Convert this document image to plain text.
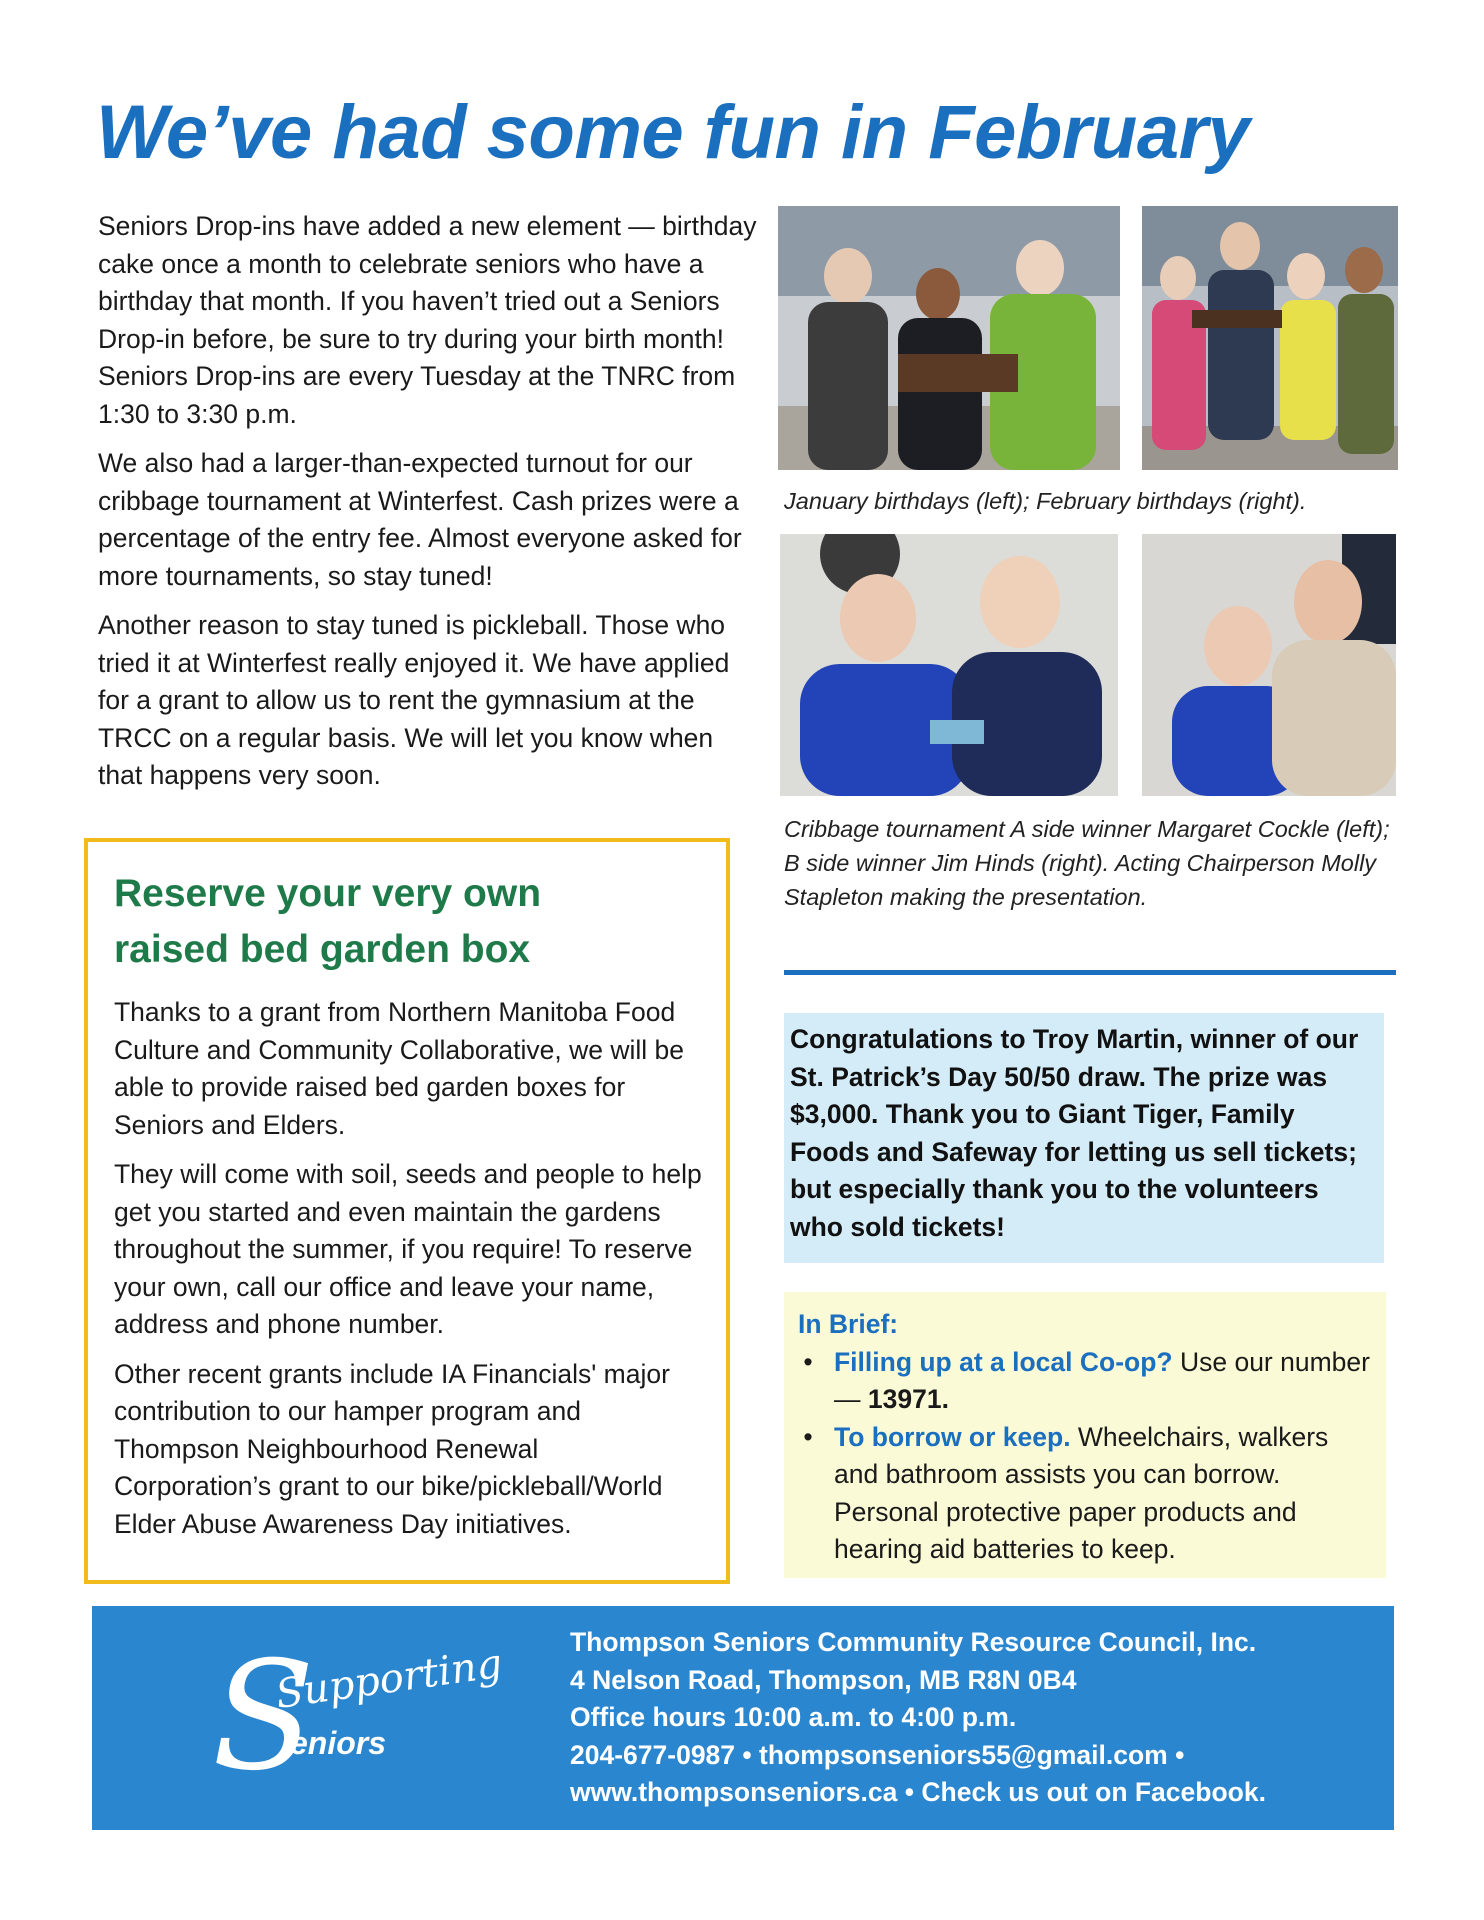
We’ve had some fun in February

Seniors Drop-ins have added a new element — birthday cake once a month to celebrate seniors who have a birthday that month. If you haven’t tried out a Seniors Drop-in before, be sure to try during your birth month! Seniors Drop-ins are every Tuesday at the TNRC from 1:30 to 3:30 p.m.

We also had a larger-than-expected turnout for our cribbage tournament at Winterfest. Cash prizes were a percentage of the entry fee. Almost everyone asked for more tournaments, so stay tuned!

Another reason to stay tuned is pickleball. Those who tried it at Winterfest really enjoyed it. We have applied for a grant to allow us to rent the gymnasium at the TRCC on a regular basis. We will let you know when that happens very soon.

January birthdays (left); February birthdays (right).

Cribbage tournament A side winner Margaret Cockle (left); B side winner Jim Hinds (right). Acting Chairperson Molly Stapleton making the presentation.

Reserve your very own
raised bed garden box

Thanks to a grant from Northern Manitoba Food Culture and Community Collaborative, we will be able to provide raised bed garden boxes for Seniors and Elders.

They will come with soil, seeds and people to help get you started and even maintain the gardens throughout the summer, if you require! To reserve your own, call our office and leave your name, address and phone number.

Other recent grants include IA Financials' major contribution to our hamper program and Thompson Neighbourhood Renewal Corporation’s grant to our bike/pickleball/World Elder Abuse Awareness Day initiatives.

Congratulations to Troy Martin, winner of our St. Patrick’s Day 50/50 draw. The prize was $3,000. Thank you to Giant Tiger, Family Foods and Safeway for letting us sell tickets; but especially thank you to the volunteers who sold tickets!

In Brief:

• Filling up at a local Co-op? Use our number — 13971.
• To borrow or keep. Wheelchairs, walkers and bathroom assists you can borrow. Personal protective paper products and hearing aid batteries to keep.
S
Supporting
eniors

Thompson Seniors Community Resource Council, Inc.

4 Nelson Road, Thompson, MB R8N 0B4

Office hours 10:00 a.m. to 4:00 p.m.

204-677-0987 • thompsonseniors55@gmail.com •

www.thompsonseniors.ca • Check us out on Facebook.
